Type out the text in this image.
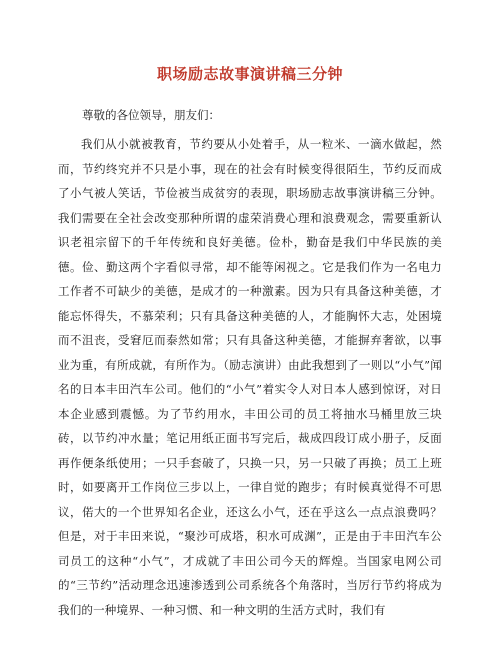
职场励志故事演讲稿三分钟

尊敬的各位领导，朋友们：

我们从小就被教育，节约要从小处着手，从一粒米、一滴水做起，然而，节约终究并不只是小事，现在的社会有时候变得很陌生，节约反而成了小气被人笑话，节俭被当成贫穷的表现，职场励志故事演讲稿三分钟。我们需要在全社会改变那种所谓的虚荣消费心理和浪费观念，需要重新认识老祖宗留下的千年传统和良好美德。俭朴，勤奋是我们中华民族的美德。俭、勤这两个字看似寻常，却不能等闲视之。它是我们作为一名电力工作者不可缺少的美德，是成才的一种激素。因为只有具备这种美德，才能忘怀得失，不慕荣利；只有具备这种美德的人，才能胸怀大志，处困境而不沮丧，受窘厄而泰然如常；只有具备这种美德，才能摒弃奢欲，以事业为重，有所成就，有所作为。（励志演讲）由此我想到了一则以“小气”闻名的日本丰田汽车公司。他们的“小气”着实令人对日本人感到惊讶，对日本企业感到震憾。为了节约用水，丰田公司的员工将抽水马桶里放三块砖，以节约冲水量；笔记用纸正面书写完后，裁成四段订成小册子，反面再作便条纸使用；一只手套破了，只换一只，另一只破了再换；员工上班时，如要离开工作岗位三步以上，一律自觉的跑步；有时候真觉得不可思议，偌大的一个世界知名企业，还这么小气，还在乎这么一点点浪费吗？但是，对于丰田来说，“聚沙可成塔，积水可成渊”，正是由于丰田汽车公司员工的这种“小气”，才成就了丰田公司今天的辉煌。当国家电网公司的“三节约”活动理念迅速渗透到公司系统各个角落时，当厉行节约将成为我们的一种境界、一种习惯、和一种文明的生活方式时，我们有
